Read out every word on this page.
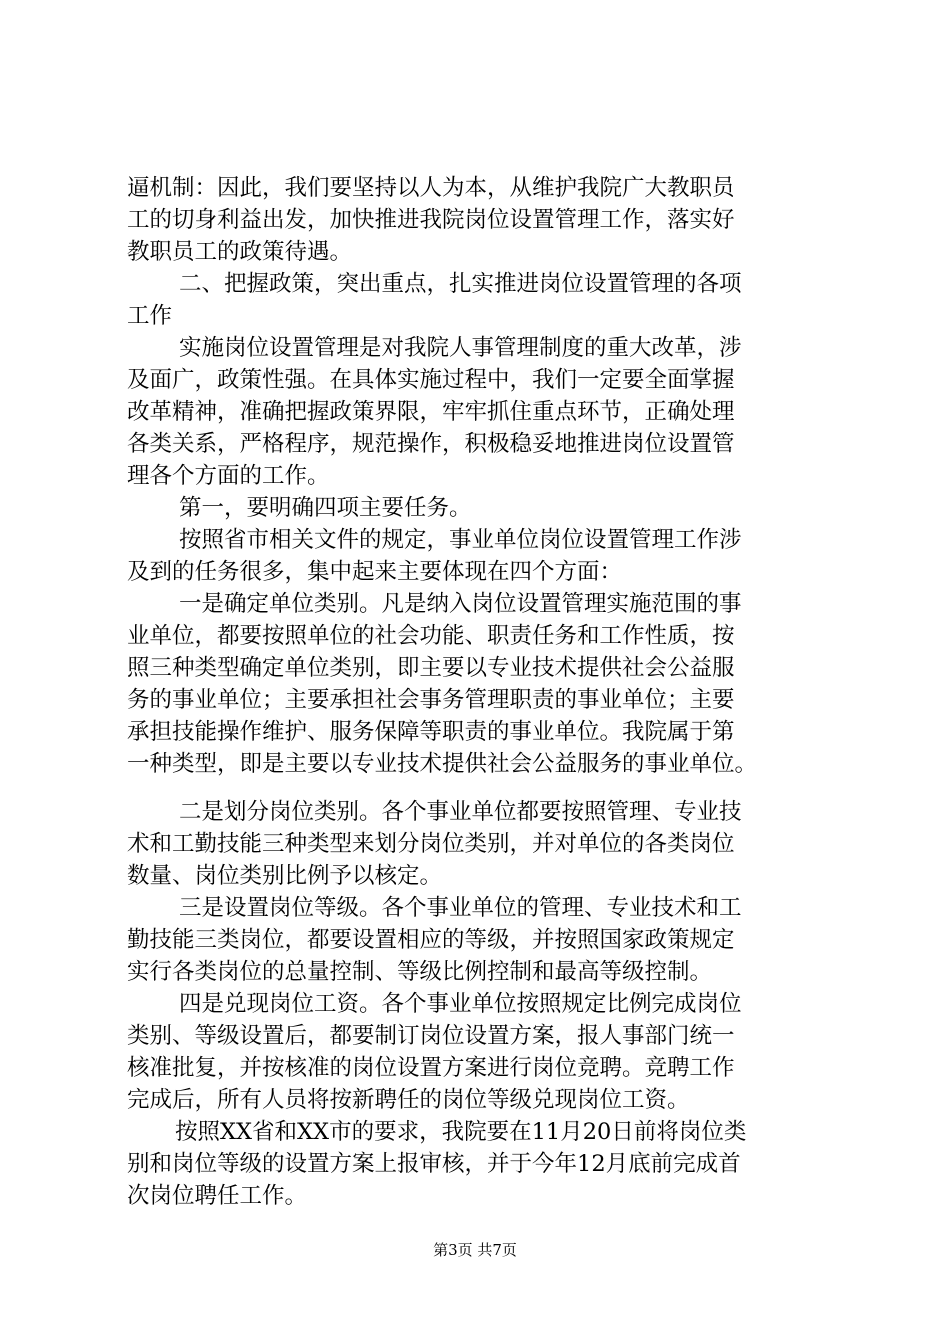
逼机制：因此，我们要坚持以人为本，从维护我院广大教职员
工的切身利益出发，加快推进我院岗位设置管理工作，落实好
教职员工的政策待遇。
二、把握政策，突出重点，扎实推进岗位设置管理的各项
工作
实施岗位设置管理是对我院人事管理制度的重大改革，涉
及面广，政策性强。在具体实施过程中，我们一定要全面掌握
改革精神，准确把握政策界限，牢牢抓住重点环节，正确处理
各类关系，严格程序，规范操作，积极稳妥地推进岗位设置管
理各个方面的工作。
第一，要明确四项主要任务。
按照省市相关文件的规定，事业单位岗位设置管理工作涉
及到的任务很多，集中起来主要体现在四个方面：
一是确定单位类别。凡是纳入岗位设置管理实施范围的事
业单位，都要按照单位的社会功能、职责任务和工作性质，按
照三种类型确定单位类别，即主要以专业技术提供社会公益服
务的事业单位；主要承担社会事务管理职责的事业单位；主要
承担技能操作维护、服务保障等职责的事业单位。我院属于第
一种类型，即是主要以专业技术提供社会公益服务的事业单位。
二是划分岗位类别。各个事业单位都要按照管理、专业技
术和工勤技能三种类型来划分岗位类别，并对单位的各类岗位
数量、岗位类别比例予以核定。
三是设置岗位等级。各个事业单位的管理、专业技术和工
勤技能三类岗位，都要设置相应的等级，并按照国家政策规定
实行各类岗位的总量控制、等级比例控制和最高等级控制。
四是兑现岗位工资。各个事业单位按照规定比例完成岗位
类别、等级设置后，都要制订岗位设置方案，报人事部门统一
核准批复，并按核准的岗位设置方案进行岗位竞聘。竞聘工作
完成后，所有人员将按新聘任的岗位等级兑现岗位工资。
按照XX省和XX市的要求，我院要在11月20日前将岗位类
别和岗位等级的设置方案上报审核，并于今年12月底前完成首
次岗位聘任工作。
第3页 共7页
